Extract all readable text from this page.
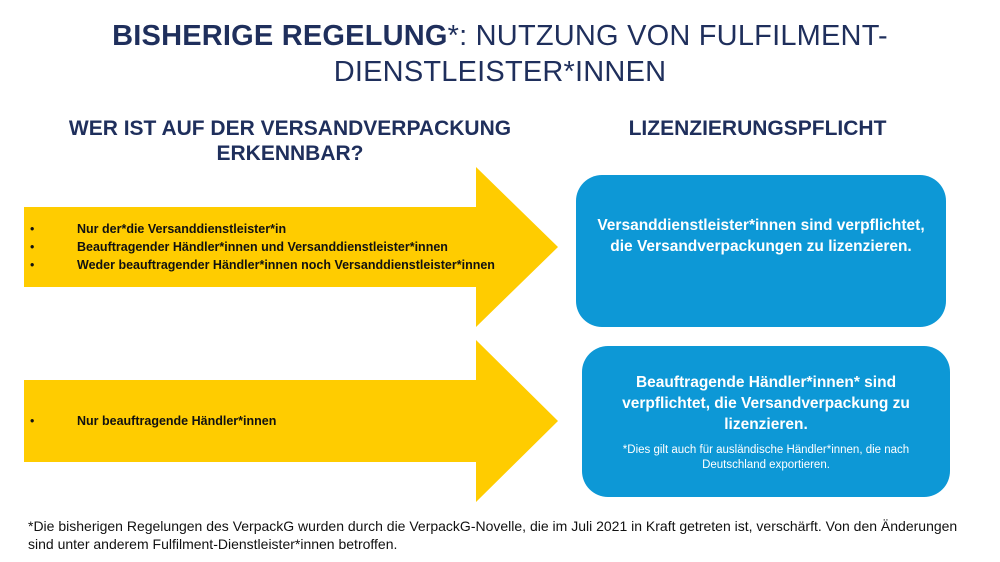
BISHERIGE REGELUNG*: NUTZUNG VON FULFILMENT-DIENSTLEISTER*INNEN
WER IST AUF DER VERSANDVERPACKUNG ERKENNBAR?
LIZENZIERUNGSPFLICHT
• Nur der*die Versanddienstleister*in
• Beauftragender Händler*innen und Versanddienstleister*innen
• Weder beauftragender Händler*innen noch Versanddienstleister*innen
• Nur beauftragende Händler*innen
Versanddienstleister*innen sind verpflichtet, die Versandverpackungen zu lizenzieren.
Beauftragende Händler*innen* sind verpflichtet, die Versandverpackung zu lizenzieren.
*Dies gilt auch für ausländische Händler*innen, die nach Deutschland exportieren.
*Die bisherigen Regelungen des VerpackG wurden durch die VerpackG-Novelle, die im Juli 2021 in Kraft getreten ist, verschärft. Von den Änderungen sind unter anderem Fulfilment-Dienstleister*innen betroffen.
